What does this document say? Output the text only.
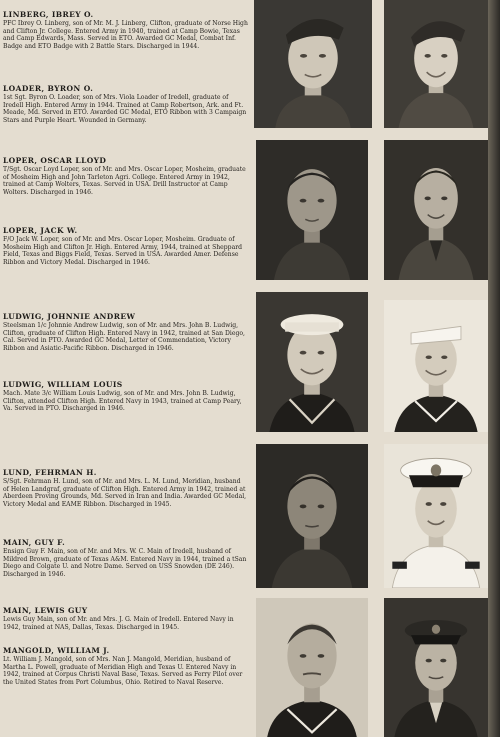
LINBERG, IBREY O.
PFC Ibrey O. Linberg, son of Mr. M. J. Linberg, Clifton, graduate of Norse High and Clifton Jr. College. Entered Army in 1940, trained at Camp Bowie, Texas and Camp Edwards, Mass. Served in ETO. Awarded GC Medal, Combat Inf. Badge and ETO Badge with 2 Battle Stars. Discharged in 1944.
LOADER, BYRON O.
1st Sgt. Byron O. Loader, son of Mrs. Viola Loader of Iredell, graduate of Iredell High. Entered Army in 1944. Trained at Camp Robertson, Ark. and Ft. Meade, Md. Served in ETO. Awarded GC Medal, ETO Ribbon with 3 Campaign Stars and Purple Heart. Wounded in Germany.
LOPER, OSCAR LLOYD
T/Sgt. Oscar Loyd Loper, son of Mr. and Mrs. Oscar Loper, Mosheim, graduate of Mosheim High and John Tarleton Agri. College. Entered Army in 1942, trained at Camp Wolters, Texas. Served in USA. Drill Instructor at Camp Wolters. Discharged in 1946.
LOPER, JACK W.
F/O Jack W. Loper, son of Mr. and Mrs. Oscar Loper, Mosheim. Graduate of Mosheim High and Clifton Jr. High. Entered Army, 1944, trained at Sheppard Field, Texas and Biggs Field, Texas. Served in USA. Awarded Amer. Defense Ribbon and Victory Medal. Discharged in 1946.
LUDWIG, JOHNNIE ANDREW
Steelsman 1/c Johnnie Andrew Ludwig, son of Mr. and Mrs. John B. Ludwig, Clifton, graduate of Clifton High. Entered Navy in 1942, trained at San Diego, Cal. Served in PTO. Awarded GC Medal, Letter of Commendation, Victory Ribbon and Asiatic-Pacific Ribbon. Discharged in 1946.
LUDWIG, WILLIAM LOUIS
Mach. Mate 3/c William Louis Ludwig, son of Mr. and Mrs. John B. Ludwig, Clifton, attended Clifton High. Entered Navy in 1943, trained at Camp Peary, Va. Served in PTO. Discharged in 1946.
LUND, FEHRMAN H.
S/Sgt. Fehrman H. Lund, son of Mr. and Mrs. L. M. Lund, Meridian, husband of Helen Landgraf, graduate of Clifton High. Entered Army in 1942, trained at Aberdeen Proving Grounds, Md. Served in Iran and India. Awarded GC Medal, Victory Medal and EAME Ribbon. Discharged in 1945.
MAIN, GUY F.
Ensign Guy F. Main, son of Mr. and Mrs. W. C. Main of Iredell, husband of Mildred Brown, graduate of Texas A&M. Entered Navy in 1944, trained a tSan Diego and Colgate U. and Notre Dame. Served on USS Snowden (DE 246). Discharged in 1946.
MAIN, LEWIS GUY
Lewis Guy Main, son of Mr. and Mrs. J. G. Main of Iredell. Entered Navy in 1942, trained at NAS, Dallas, Texas. Discharged in 1945.
MANGOLD, WILLIAM J.
Lt. William J. Mangold, son of Mrs. Nan J. Mangold, Meridian, husband of Martha L. Powell, graduate of Meridian High and Texas U. Entered Navy in 1942, trained at Corpus Christi Naval Base, Texas. Served as Ferry Pilot over the United States from Port Columbus, Ohio. Retired to Naval Reserve.
